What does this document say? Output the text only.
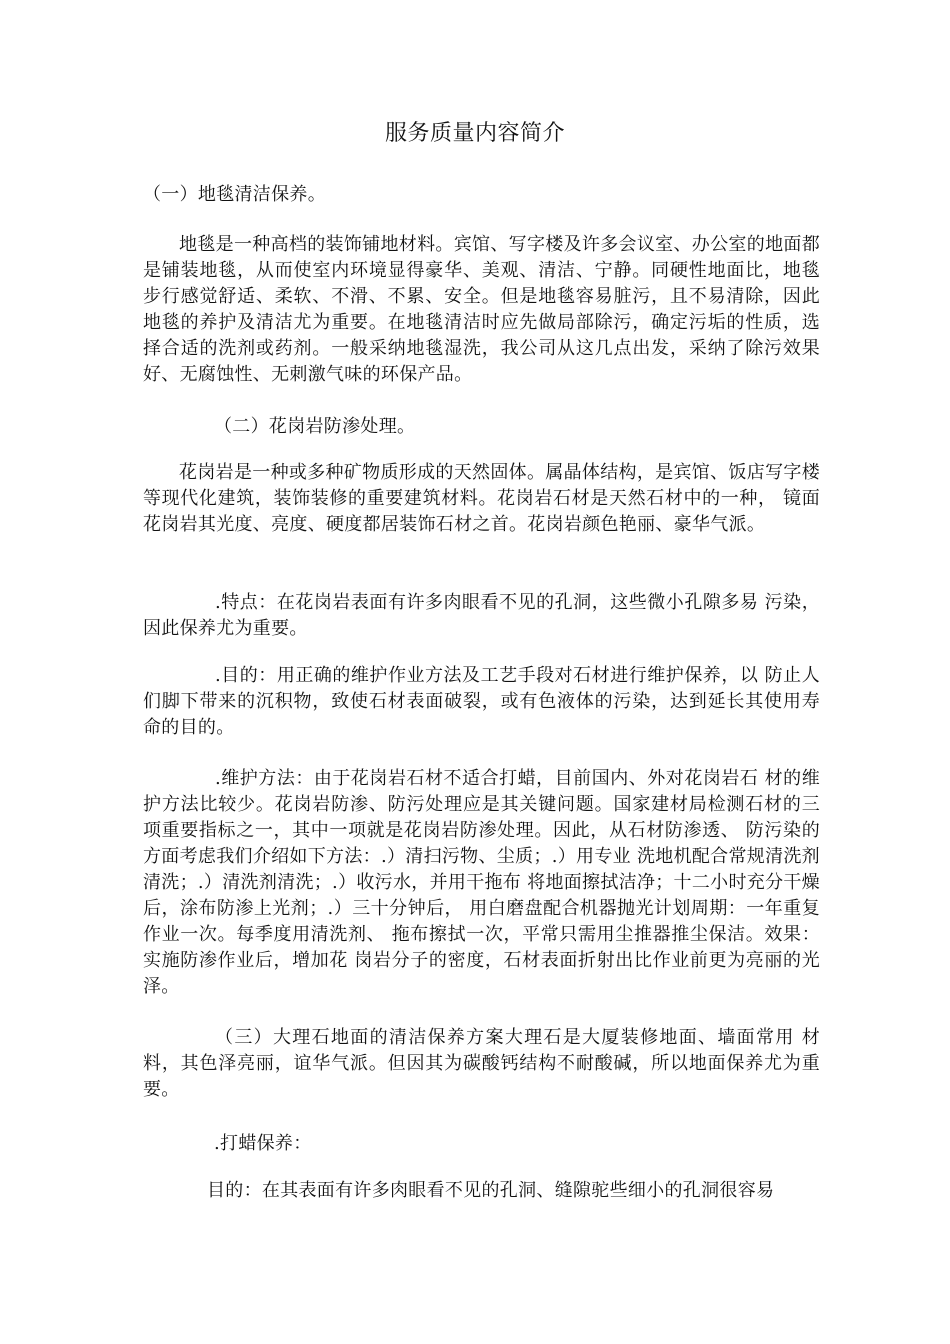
服务质量内容简介

（一）地毯清洁保养。

地毯是一种高档的装饰铺地材料。宾馆、写字楼及许多会议室、办公室的地面都是铺装地毯，从而使室内环境显得豪华、美观、清洁、宁静。同硬性地面比，地毯步行感觉舒适、柔软、不滑、不累、安全。但是地毯容易脏污，且不易清除，因此地毯的养护及清洁尤为重要。在地毯清洁时应先做局部除污，确定污垢的性质，选择合适的洗剂或药剂。一般采纳地毯湿洗，我公司从这几点出发，采纳了除污效果好、无腐蚀性、无刺激气味的环保产品。

（二）花岗岩防渗处理。

花岗岩是一种或多种矿物质形成的天然固体。属晶体结构，是宾馆、饭店写字楼等现代化建筑，装饰装修的重要建筑材料。花岗岩石材是天然石材中的一种， 镜面花岗岩其光度、亮度、硬度都居装饰石材之首。花岗岩颜色艳丽、豪华气派。

.特点：在花岗岩表面有许多肉眼看不见的孔洞，这些微小孔隙多易 污染，因此保养尤为重要。

.目的：用正确的维护作业方法及工艺手段对石材进行维护保养，以 防止人们脚下带来的沉积物，致使石材表面破裂，或有色液体的污染，达到延长其使用寿命的目的。

.维护方法：由于花岗岩石材不适合打蜡，目前国内、外对花岗岩石 材的维护方法比较少。花岗岩防渗、防污处理应是其关键问题。国家建材局检测石材的三项重要指标之一，其中一项就是花岗岩防渗处理。因此，从石材防渗透、 防污染的方面考虑我们介绍如下方法：.）清扫污物、尘质；.）用专业 洗地机配合常规清洗剂清洗；.）清洗剂清洗；.）收污水，并用干拖布 将地面擦拭洁净；十二小时充分干燥后，涂布防渗上光剂；.）三十分钟后， 用白磨盘配合机器抛光计划周期：一年重复作业一次。每季度用清洗剂、 拖布擦拭一次，平常只需用尘推器推尘保洁。效果：实施防渗作业后，增加花 岗岩分子的密度，石材表面折射出比作业前更为亮丽的光泽。

（三）大理石地面的清洁保养方案大理石是大厦装修地面、墙面常用 材料，其色泽亮丽，谊华气派。但因其为碳酸钙结构不耐酸碱，所以地面保养尤为重要。

.打蜡保养：

目的：在其表面有许多肉眼看不见的孔洞、缝隙驼些细小的孔洞很容易
